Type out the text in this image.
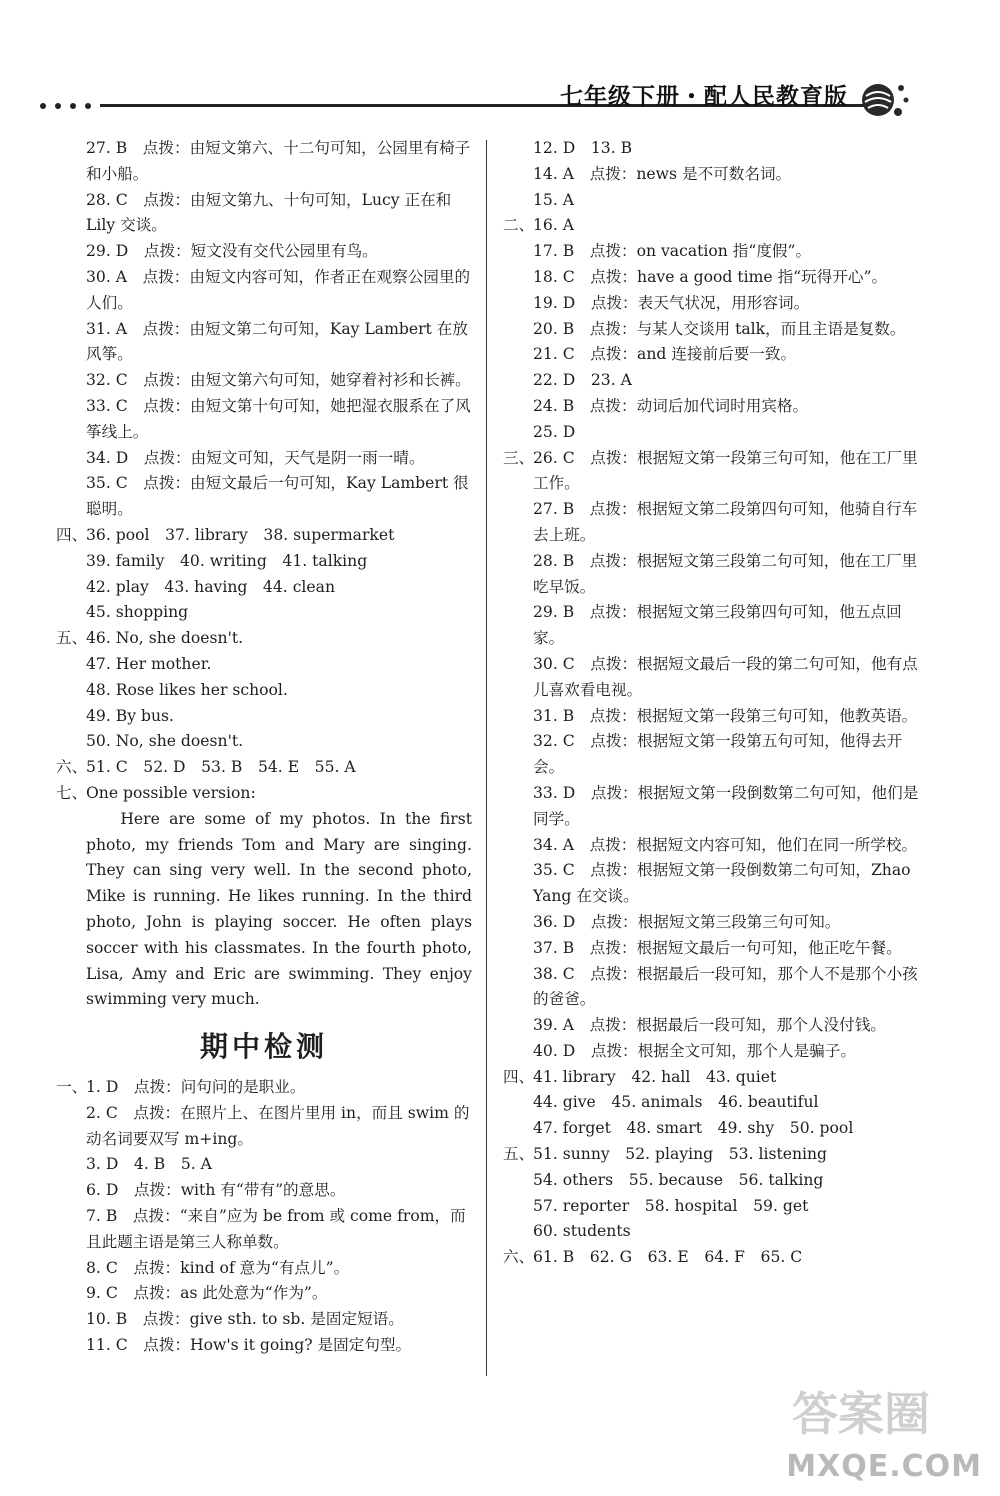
七年级下册・配人民教育版
27. B　点拨：由短文第六、十二句可知，公园里有椅子和小船。
28. C　点拨：由短文第九、十句可知，Lucy 正在和 Lily 交谈。
29. D　点拨：短文没有交代公园里有鸟。
30. A　点拨：由短文内容可知，作者正在观察公园里的人们。
31. A　点拨：由短文第二句可知，Kay Lambert 在放风筝。
32. C　点拨：由短文第六句可知，她穿着衬衫和长裤。
33. C　点拨：由短文第十句可知，她把湿衣服系在了风筝线上。
34. D　点拨：由短文可知，天气是阴一雨一晴。
35. C　点拨：由短文最后一句可知，Kay Lambert 很聪明。
四、
36. pool　37. library　38. supermarket
39. family　40. writing　41. talking
42. play　43. having　44. clean
45. shopping
五、
46. No, she doesn't.
47. Her mother.
48. Rose likes her school.
49. By bus.
50. No, she doesn't.
六、
51. C　52. D　53. B　54. E　55. A
七、
One possible version:
Here are some of my photos. In the first photo, my friends Tom and Mary are singing. They can sing very well. In the second photo, Mike is running. He likes running. In the third photo, John is playing soccer. He often plays soccer with his classmates. In the fourth photo, Lisa, Amy and Eric are swimming. They enjoy swimming very much.
期中检测
一、
1. D　点拨：问句问的是职业。
2. C　点拨：在照片上、在图片里用 in，而且 swim 的动名词要双写 m+ing。
3. D　4. B　5. A
6. D　点拨：with 有“带有”的意思。
7. B　点拨：“来自”应为 be from 或 come from，而且此题主语是第三人称单数。
8. C　点拨：kind of 意为“有点儿”。
9. C　点拨：as 此处意为“作为”。
10. B　点拨：give sth. to sb. 是固定短语。
11. C　点拨：How's it going? 是固定句型。
12. D　13. B
14. A　点拨：news 是不可数名词。
15. A
二、
16. A
17. B　点拨：on vacation 指“度假”。
18. C　点拨：have a good time 指“玩得开心”。
19. D　点拨：表天气状况，用形容词。
20. B　点拨：与某人交谈用 talk，而且主语是复数。
21. C　点拨：and 连接前后要一致。
22. D　23. A
24. B　点拨：动词后加代词时用宾格。
25. D
三、
26. C　点拨：根据短文第一段第三句可知，他在工厂里工作。
27. B　点拨：根据短文第二段第四句可知，他骑自行车去上班。
28. B　点拨：根据短文第三段第二句可知，他在工厂里吃早饭。
29. B　点拨：根据短文第三段第四句可知，他五点回家。
30. C　点拨：根据短文最后一段的第二句可知，他有点儿喜欢看电视。
31. B　点拨：根据短文第一段第三句可知，他教英语。
32. C　点拨：根据短文第一段第五句可知，他得去开会。
33. D　点拨：根据短文第一段倒数第二句可知，他们是同学。
34. A　点拨：根据短文内容可知，他们在同一所学校。
35. C　点拨：根据短文第一段倒数第二句可知，Zhao Yang 在交谈。
36. D　点拨：根据短文第三段第三句可知。
37. B　点拨：根据短文最后一句可知，他正吃午餐。
38. C　点拨：根据最后一段可知，那个人不是那个小孩的爸爸。
39. A　点拨：根据最后一段可知，那个人没付钱。
40. D　点拨：根据全文可知，那个人是骗子。
四、
41. library　42. hall　43. quiet
44. give　45. animals　46. beautiful
47. forget　48. smart　49. shy　50. pool
五、
51. sunny　52. playing　53. listening
54. others　55. because　56. talking
57. reporter　58. hospital　59. get
60. students
六、
61. B　62. G　63. E　64. F　65. C
答案圈
MXQE.COM
